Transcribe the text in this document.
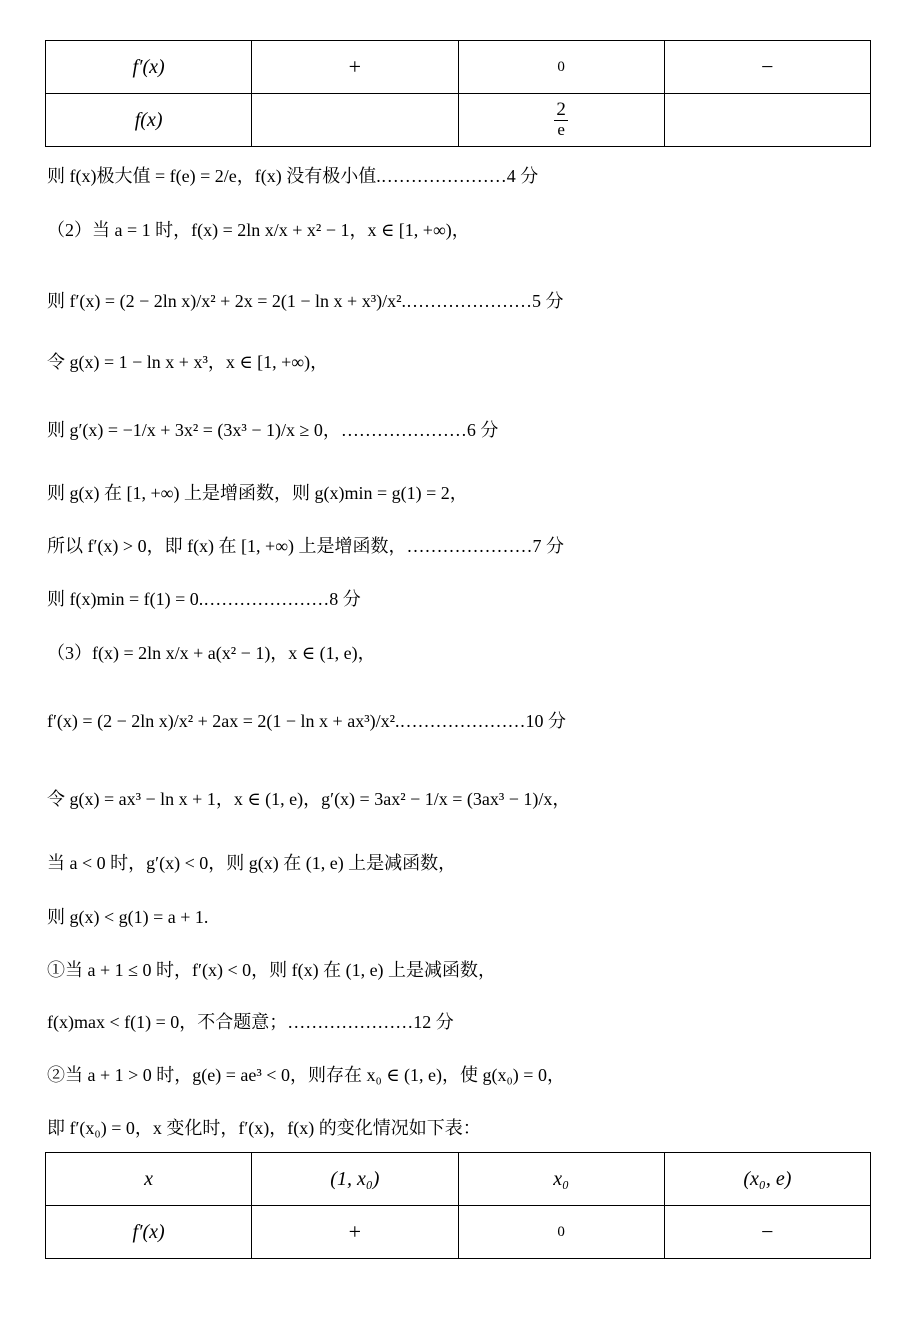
f′(x)	+	0	−
f(x)		$\frac{2}{e}$

则 f(x)极大值 = f(e) = 2/e，f(x) 没有极小值.…………………4 分
（2）当 a = 1 时，f(x) = 2ln x/x + x² − 1，x ∈ [1, +∞)，
则 f′(x) = (2 − 2ln x)/x² + 2x = 2(1 − ln x + x³)/x².…………………5 分
令 g(x) = 1 − ln x + x³，x ∈ [1, +∞)，
则 g′(x) = −1/x + 3x² = (3x³ − 1)/x ≥ 0，…………………6 分
则 g(x) 在 [1, +∞) 上是增函数，则 g(x)min = g(1) = 2，
所以 f′(x) > 0，即 f(x) 在 [1, +∞) 上是增函数，…………………7 分
则 f(x)min = f(1) = 0.…………………8 分
（3）f(x) = 2ln x/x + a(x² − 1)，x ∈ (1, e)，
f′(x) = (2 − 2ln x)/x² + 2ax = 2(1 − ln x + ax³)/x².…………………10 分
令 g(x) = ax³ − ln x + 1，x ∈ (1, e)，g′(x) = 3ax² − 1/x = (3ax³ − 1)/x，
当 a < 0 时，g′(x) < 0，则 g(x) 在 (1, e) 上是减函数，
则 g(x) < g(1) = a + 1.
①当 a + 1 ≤ 0 时，f′(x) < 0，则 f(x) 在 (1, e) 上是减函数，
f(x)max < f(1) = 0，不合题意；…………………12 分
②当 a + 1 > 0 时，g(e) = ae³ < 0，则存在 x₀ ∈ (1, e)，使 g(x₀) = 0，
即 f′(x₀) = 0，x 变化时，f′(x)，f(x) 的变化情况如下表：
x	(1, x₀)	x₀	(x₀, e)
f′(x)	+	0	−
